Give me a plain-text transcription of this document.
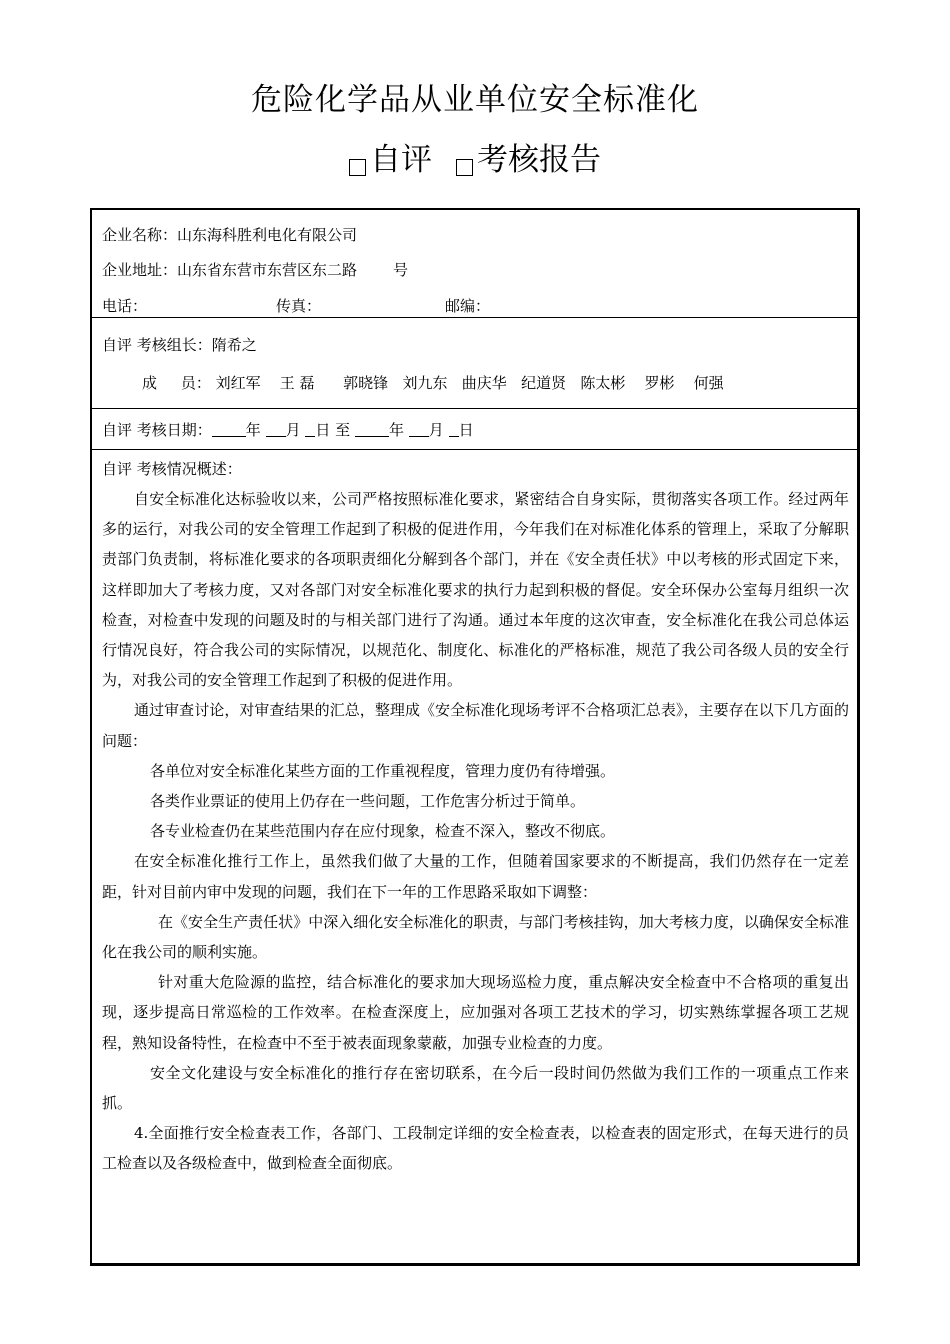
危险化学品从业单位安全标准化
自评 考核报告
企业名称：山东海科胜利电化有限公司
企业地址：山东省东营市东营区东二路 号
电话：	传真：	邮编：
自评 考核组长：隋希之
成     员： 刘红军 王 磊 郭晓锋 刘九东 曲庆华 纪道贤 陈太彬 罗彬 何强
自评 考核日期： 年 月 日 至	年 月 日
自评 考核情况概述：

自安全标准化达标验收以来，公司严格按照标准化要求，紧密结合自身实际，贯彻落实各项工作。经过两年多的运行，对我公司的安全管理工作起到了积极的促进作用，今年我们在对标准化体系的管理上，采取了分解职责部门负责制，将标准化要求的各项职责细化分解到各个部门，并在《安全责任状》中以考核的形式固定下来，这样即加大了考核力度，又对各部门对安全标准化要求的执行力起到积极的督促。安全环保办公室每月组织一次检查，对检查中发现的问题及时的与相关部门进行了沟通。通过本年度的这次审查，安全标准化在我公司总体运行情况良好，符合我公司的实际情况，以规范化、制度化、标准化的严格标准，规范了我公司各级人员的安全行为，对我公司的安全管理工作起到了积极的促进作用。

通过审查讨论，对审查结果的汇总，整理成《安全标准化现场考评不合格项汇总表》，主要存在以下几方面的问题：

各单位对安全标准化某些方面的工作重视程度，管理力度仍有待增强。

各类作业票证的使用上仍存在一些问题，工作危害分析过于简单。

各专业检查仍在某些范围内存在应付现象，检查不深入，整改不彻底。

在安全标准化推行工作上，虽然我们做了大量的工作，但随着国家要求的不断提高，我们仍然存在一定差距，针对目前内审中发现的问题，我们在下一年的工作思路采取如下调整：

在《安全生产责任状》中深入细化安全标准化的职责，与部门考核挂钩，加大考核力度，以确保安全标准化在我公司的顺利实施。

针对重大危险源的监控，结合标准化的要求加大现场巡检力度，重点解决安全检查中不合格项的重复出现，逐步提高日常巡检的工作效率。在检查深度上，应加强对各项工艺技术的学习，切实熟练掌握各项工艺规程，熟知设备特性，在检查中不至于被表面现象蒙蔽，加强专业检查的力度。

安全文化建设与安全标准化的推行存在密切联系，在今后一段时间仍然做为我们工作的一项重点工作来抓。

4.全面推行安全检查表工作，各部门、工段制定详细的安全检查表，以检查表的固定形式，在每天进行的员工检查以及各级检查中，做到检查全面彻底。
